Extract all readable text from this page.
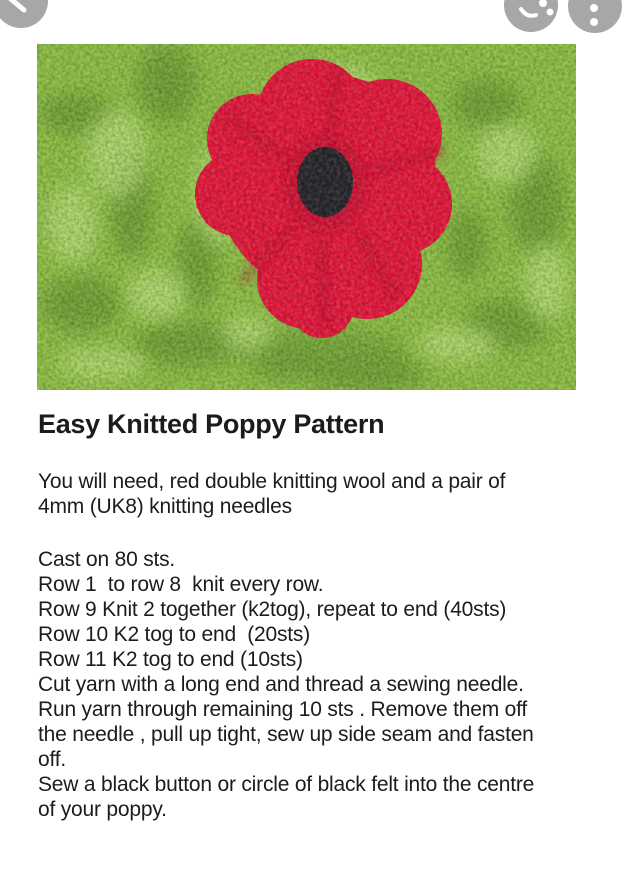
Easy Knitted Poppy Pattern
You will need, red double knitting wool and a pair of
4mm (UK8) knitting needles
Cast on 80 sts.
Row 1  to row 8  knit every row.
Row 9 Knit 2 together (k2tog), repeat to end (40sts)
Row 10 K2 tog to end  (20sts)
Row 11 K2 tog to end (10sts)
Cut yarn with a long end and thread a sewing needle.
Run yarn through remaining 10 sts . Remove them off
the needle , pull up tight, sew up side seam and fasten
off.
Sew a black button or circle of black felt into the centre
of your poppy.
